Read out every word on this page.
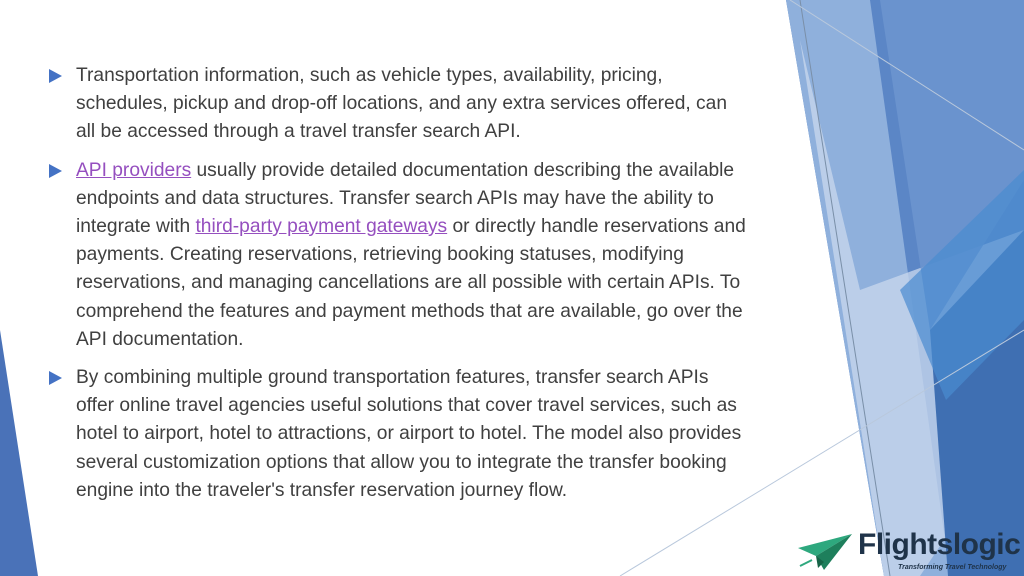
Transportation information, such as vehicle types, availability, pricing, schedules, pickup and drop-off locations, and any extra services offered, can all be accessed through a travel transfer search API.
API providers usually provide detailed documentation describing the available endpoints and data structures. Transfer search APIs may have the ability to integrate with third-party payment gateways or directly handle reservations and payments. Creating reservations, retrieving booking statuses, modifying reservations, and managing cancellations are all possible with certain APIs. To comprehend the features and payment methods that are available, go over the API documentation.
By combining multiple ground transportation features, transfer search APIs offer online travel agencies useful solutions that cover travel services, such as hotel to airport, hotel to attractions, or airport to hotel. The model also provides several customization options that allow you to integrate the transfer booking engine into the traveler's transfer reservation journey flow.
Flightslogic
Transforming Travel Technology
